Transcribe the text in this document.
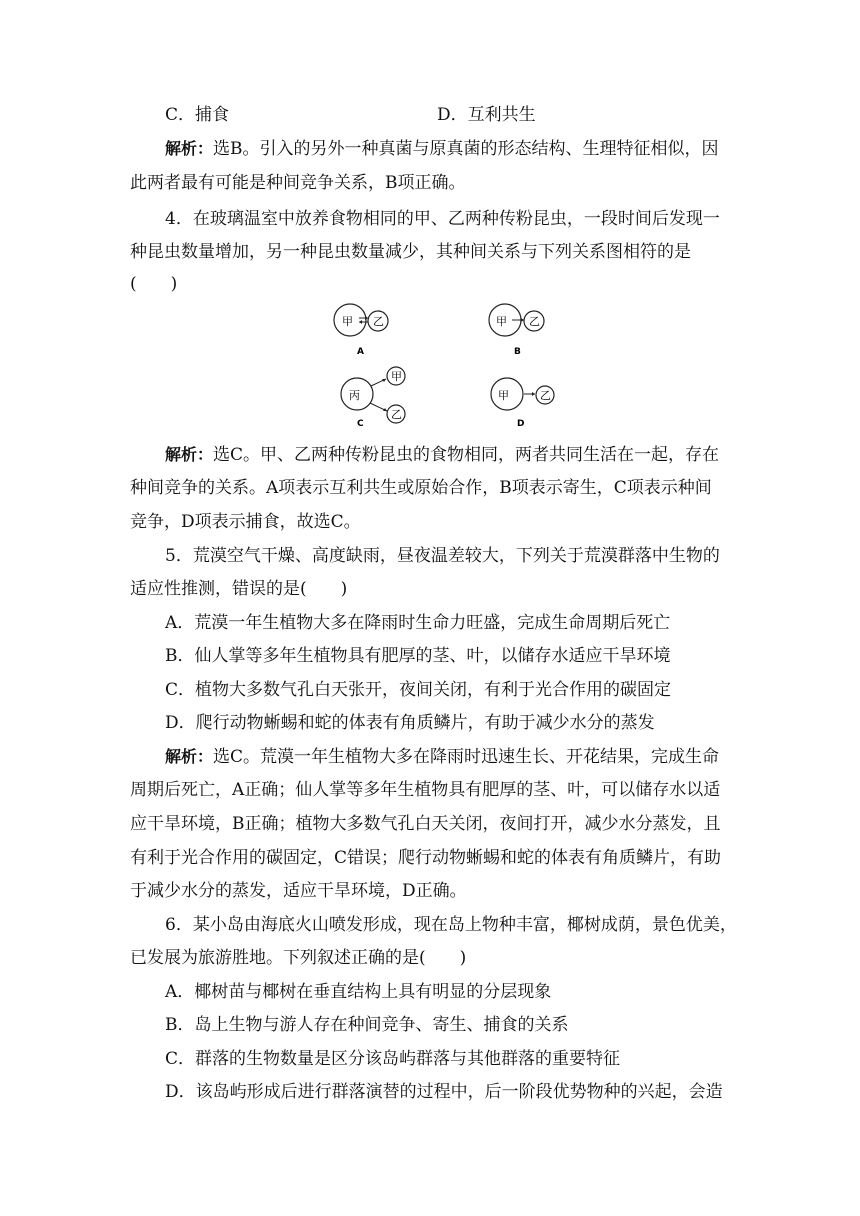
C．捕食	D．互利共生
解析：选B。引入的另外一种真菌与原真菌的形态结构、生理特征相似，因
此两者最有可能是种间竞争关系，B项正确。
4．在玻璃温室中放养食物相同的甲、乙两种传粉昆虫，一段时间后发现一
种昆虫数量增加，另一种昆虫数量减少，其种间关系与下列关系图相符的是
(　　)
甲 乙
A
甲 乙
B
丙
甲
乙
C
甲	乙
D
解析：选C。甲、乙两种传粉昆虫的食物相同，两者共同生活在一起，存在
种间竞争的关系。A项表示互利共生或原始合作，B项表示寄生，C项表示种间
竞争，D项表示捕食，故选C。
5．荒漠空气干燥、高度缺雨，昼夜温差较大，下列关于荒漠群落中生物的
适应性推测，错误的是(　　)
A．荒漠一年生植物大多在降雨时生命力旺盛，完成生命周期后死亡
B．仙人掌等多年生植物具有肥厚的茎、叶，以储存水适应干旱环境
C．植物大多数气孔白天张开，夜间关闭，有利于光合作用的碳固定
D．爬行动物蜥蜴和蛇的体表有角质鳞片，有助于减少水分的蒸发
解析：选C。荒漠一年生植物大多在降雨时迅速生长、开花结果，完成生命
周期后死亡，A正确；仙人掌等多年生植物具有肥厚的茎、叶，可以储存水以适
应干旱环境，B正确；植物大多数气孔白天关闭，夜间打开，减少水分蒸发，且
有利于光合作用的碳固定，C错误；爬行动物蜥蜴和蛇的体表有角质鳞片，有助
于减少水分的蒸发，适应干旱环境，D正确。
6．某小岛由海底火山喷发形成，现在岛上物种丰富，椰树成荫，景色优美，
已发展为旅游胜地。下列叙述正确的是(　　)
A．椰树苗与椰树在垂直结构上具有明显的分层现象
B．岛上生物与游人存在种间竞争、寄生、捕食的关系
C．群落的生物数量是区分该岛屿群落与其他群落的重要特征
D．该岛屿形成后进行群落演替的过程中，后一阶段优势物种的兴起，会造
